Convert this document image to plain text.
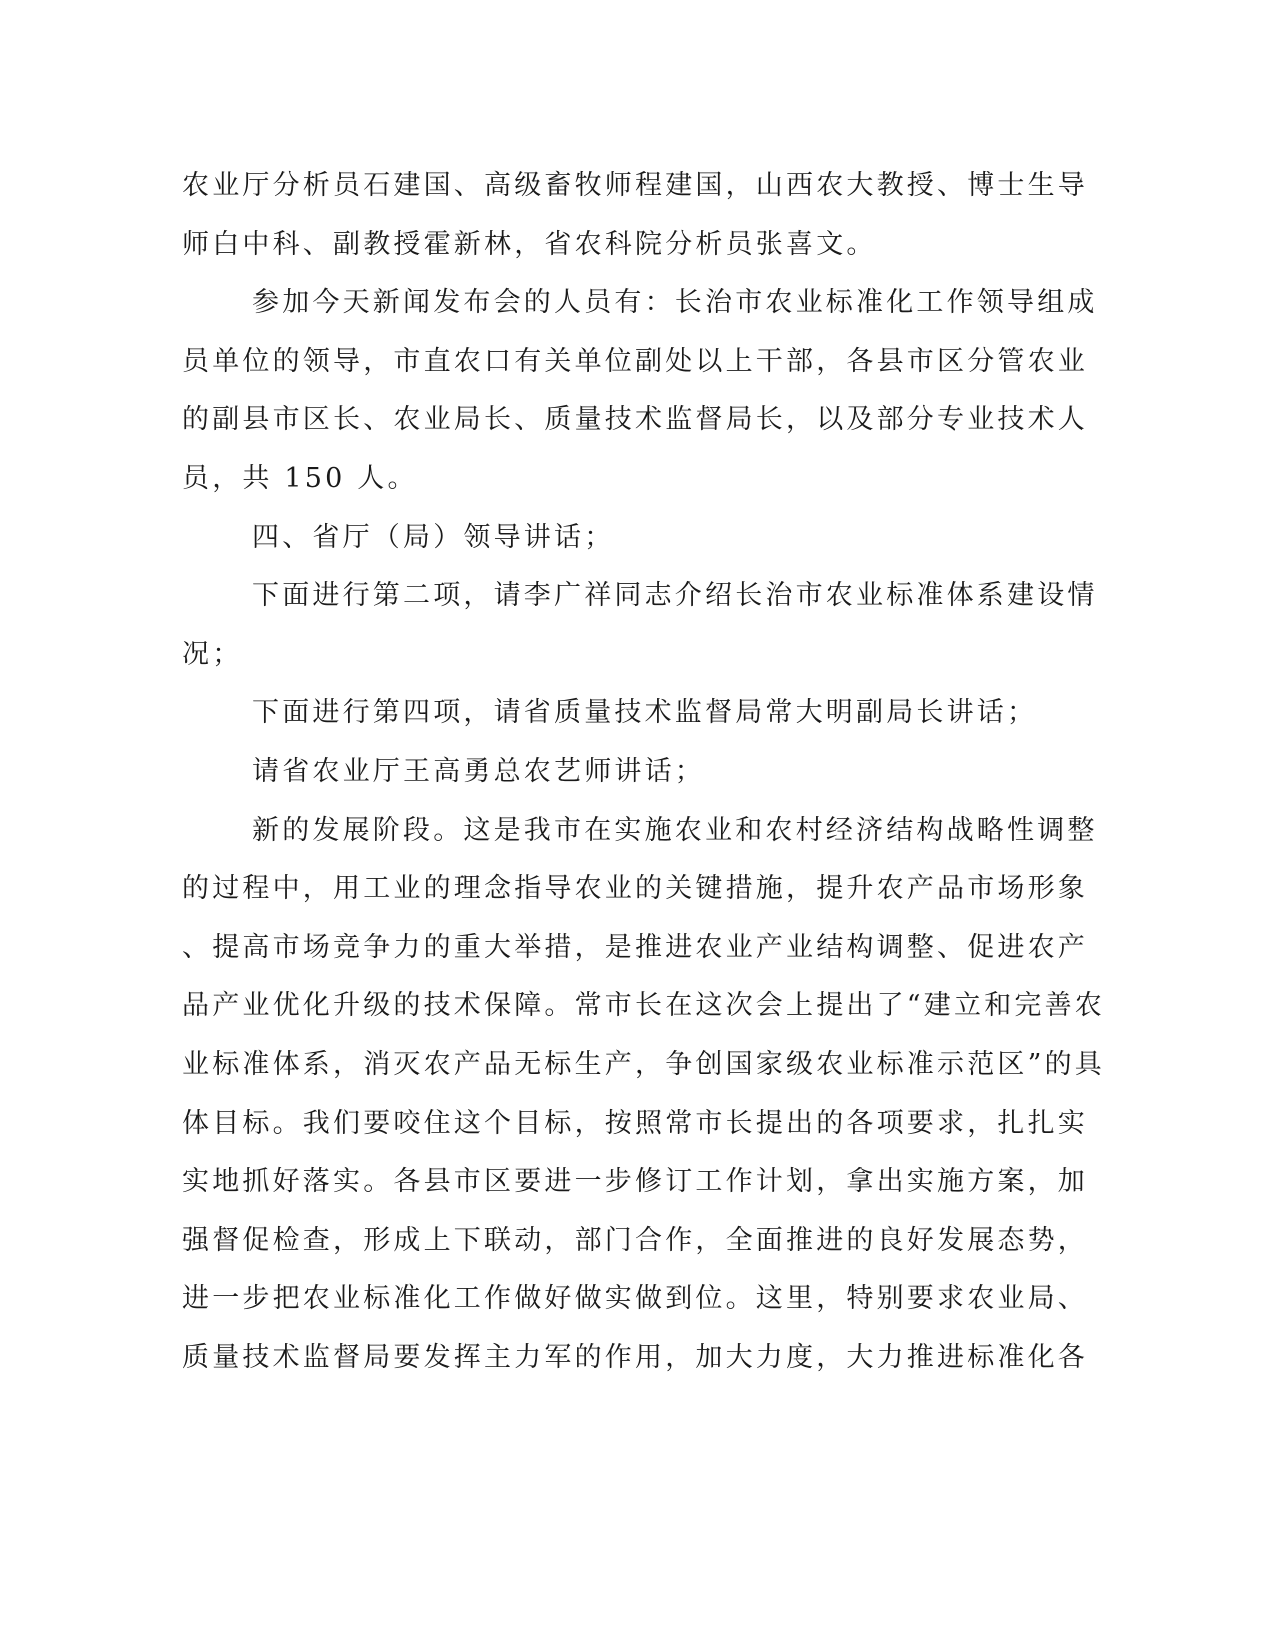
农业厅分析员石建国、高级畜牧师程建国，山西农大教授、博士生导
师白中科、副教授霍新林，省农科院分析员张喜文。
参加今天新闻发布会的人员有：长治市农业标准化工作领导组成
员单位的领导，市直农口有关单位副处以上干部，各县市区分管农业
的副县市区长、农业局长、质量技术监督局长，以及部分专业技术人
员，共 150 人。
四、省厅（局）领导讲话；
下面进行第二项，请李广祥同志介绍长治市农业标准体系建设情
况；
下面进行第四项，请省质量技术监督局常大明副局长讲话；
请省农业厅王高勇总农艺师讲话；
新的发展阶段。这是我市在实施农业和农村经济结构战略性调整
的过程中，用工业的理念指导农业的关键措施，提升农产品市场形象
、提高市场竞争力的重大举措，是推进农业产业结构调整、促进农产
品产业优化升级的技术保障。常市长在这次会上提出了“建立和完善农
业标准体系，消灭农产品无标生产，争创国家级农业标准示范区”的具
体目标。我们要咬住这个目标，按照常市长提出的各项要求，扎扎实
实地抓好落实。各县市区要进一步修订工作计划，拿出实施方案，加
强督促检查，形成上下联动，部门合作，全面推进的良好发展态势，
进一步把农业标准化工作做好做实做到位。这里，特别要求农业局、
质量技术监督局要发挥主力军的作用，加大力度，大力推进标准化各
